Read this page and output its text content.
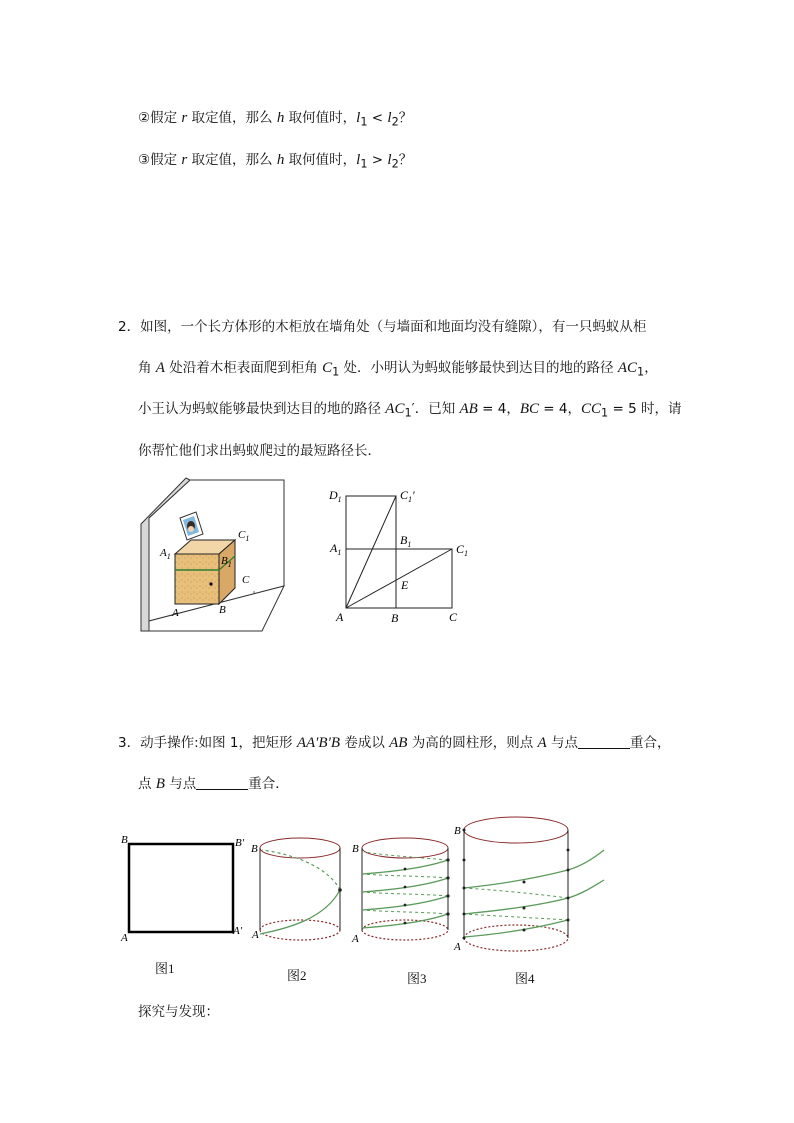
②假定 r 取定值，那么 h 取何值时，$l_1 < l_2$？
③假定 r 取定值，那么 h 取何值时，$l_1 > l_2$？
2．如图，一个长方体形的木柜放在墙角处（与墙面和地面均没有缝隙），有一只蚂蚁从柜
角 A 处沿着木柜表面爬到柜角 $C_1$ 处．小明认为蚂蚁能够最快到达目的地的路径 $AC_1$，
小王认为蚂蚁能够最快到达目的地的路径 $AC_1'$．已知 AB = 4，BC = 4，$CC_1 = 5$ 时，请
你帮忙他们求出蚂蚁爬过的最短路径长．
$A_1$	$B_1$
$C_1$
A	B
C
$D_1$	$C_1'$
$A_1$
$B_1$	$C_1$
E
A	B	C
3．动手操作:如图 1，把矩形 AA′B′B 卷成以 AB 为高的圆柱形，则点 A 与点	重合，
点 B 与点	重合．
B	B′
A
A′
图1
B
A
图2
B
A
图3
B
A
图4
探究与发现：
